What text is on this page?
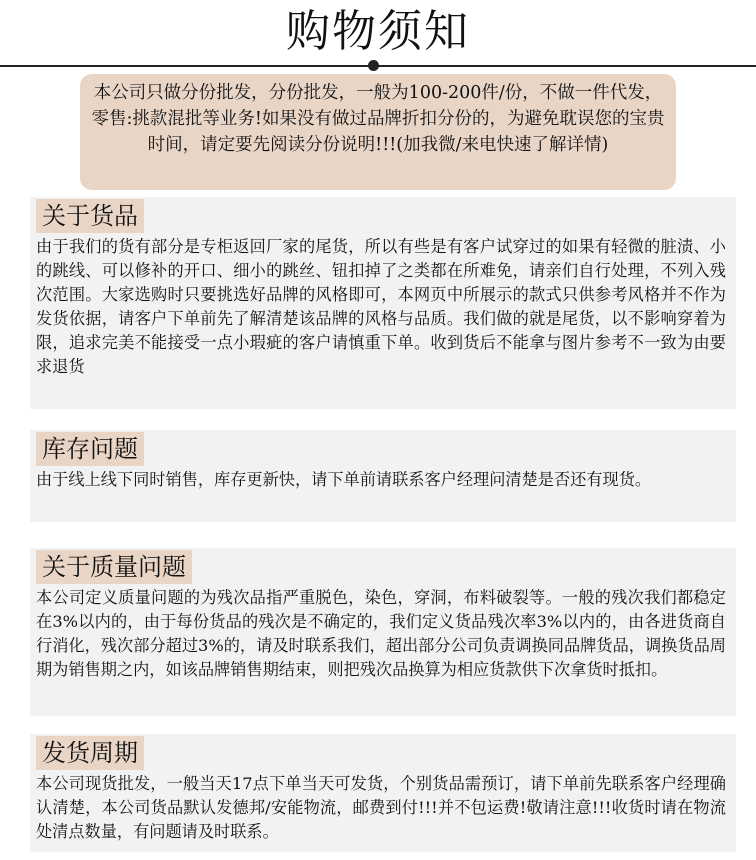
购物须知
本公司只做分份批发，分份批发，一般为100-200件/份，不做一件代发，零售:挑款混批等业务!如果没有做过品牌折扣分份的，为避免耽误您的宝贵时间，请定要先阅读分份说明!!!(加我微/来电快速了解详情)
关于货品
由于我们的货有部分是专柜返回厂家的尾货，所以有些是有客户试穿过的如果有轻微的脏渍、小的跳线、可以修补的开口、细小的跳丝、钮扣掉了之类都在所难免，请亲们自行处理，不列入残次范围。大家选购时只要挑选好品牌的风格即可，本网页中所展示的款式只供参考风格并不作为发货依据，请客户下单前先了解清楚该品牌的风格与品质。我们做的就是尾货，以不影响穿着为限，追求完美不能接受一点小瑕疵的客户请慎重下单。收到货后不能拿与图片参考不一致为由要求退货
库存问题
由于线上线下同时销售，库存更新快，请下单前请联系客户经理问清楚是否还有现货。
关于质量问题
本公司定义质量问题的为残次品指严重脱色，染色，穿洞，布料破裂等。一般的残次我们都稳定在3%以内的，由于每份货品的残次是不确定的，我们定义货品残次率3%以内的，由各进货商自行消化，残次部分超过3%的，请及时联系我们，超出部分公司负责调换同品牌货品，调换货品周期为销售期之内，如该品牌销售期结束，则把残次品换算为相应货款供下次拿货时抵扣。
发货周期
本公司现货批发，一般当天17点下单当天可发货，个别货品需预订，请下单前先联系客户经理确认清楚，本公司货品默认发德邦/安能物流，邮费到付!!!并不包运费!敬请注意!!!收货时请在物流处清点数量，有问题请及时联系。
